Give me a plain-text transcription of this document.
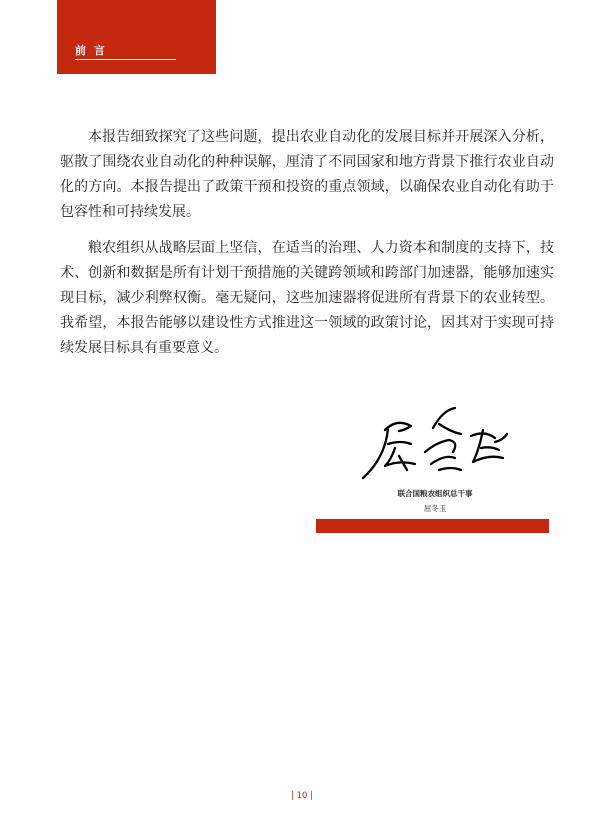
前 言

本报告细致探究了这些问题，提出农业自动化的发展目标并开展深入分析，驱散了围绕农业自动化的种种误解，厘清了不同国家和地方背景下推行农业自动化的方向。本报告提出了政策干预和投资的重点领域，以确保农业自动化有助于包容性和可持续发展。

粮农组织从战略层面上坚信，在适当的治理、人力资本和制度的支持下，技术、创新和数据是所有计划干预措施的关键跨领域和跨部门加速器，能够加速实现目标，减少利弊权衡。毫无疑问，这些加速器将促进所有背景下的农业转型。我希望，本报告能够以建设性方式推进这一领域的政策讨论，因其对于实现可持续发展目标具有重要意义。

联合国粮农组织总干事
屈冬玉
| 10 |
